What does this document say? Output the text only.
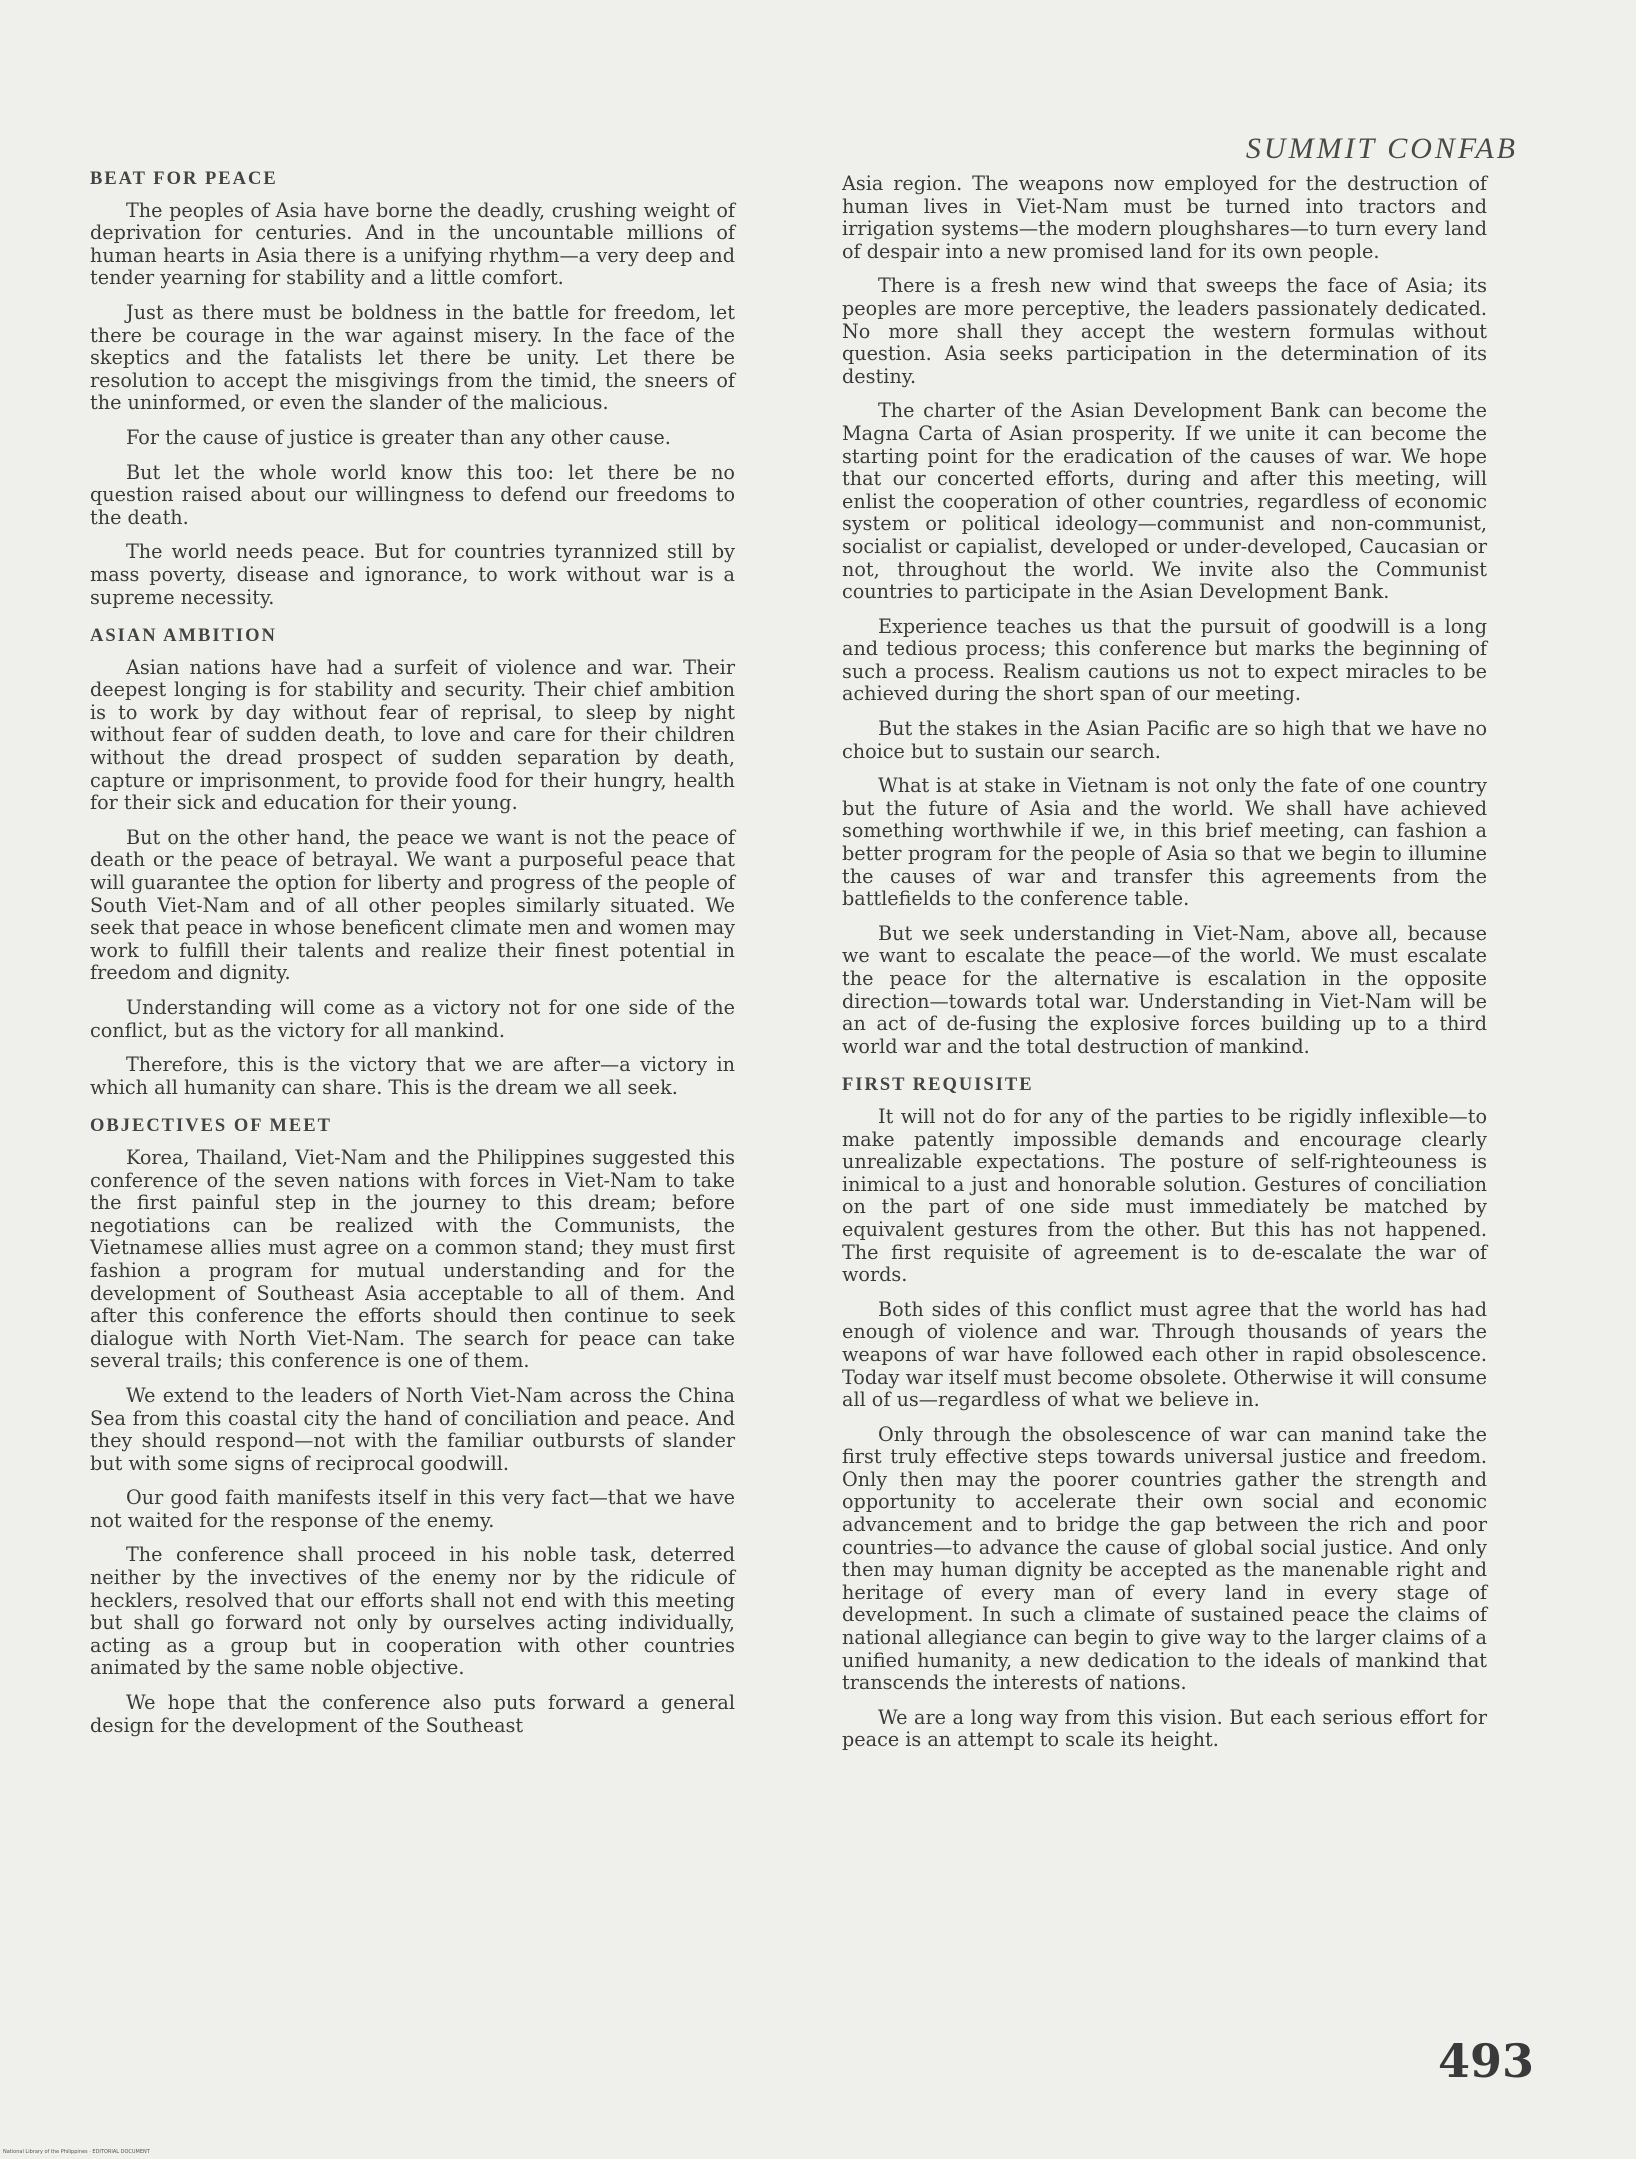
SUMMIT CONFAB
BEAT FOR PEACE

The peoples of Asia have borne the deadly, crushing weight of deprivation for centuries. And in the uncountable millions of human hearts in Asia there is a unifying rhythm—a very deep and tender yearning for stability and a little comfort.

Just as there must be boldness in the battle for freedom, let there be courage in the war against misery. In the face of the skeptics and the fatalists let there be unity. Let there be resolution to accept the misgivings from the timid, the sneers of the uninformed, or even the slander of the malicious.

For the cause of justice is greater than any other cause.

But let the whole world know this too: let there be no question raised about our willingness to defend our freedoms to the death.

The world needs peace. But for countries tyrannized still by mass poverty, disease and ignorance, to work without war is a supreme necessity.

ASIAN AMBITION

Asian nations have had a surfeit of violence and war. Their deepest longing is for stability and security. Their chief ambition is to work by day without fear of reprisal, to sleep by night without fear of sudden death, to love and care for their children without the dread prospect of sudden separation by death, capture or imprisonment, to provide food for their hungry, health for their sick and education for their young.

But on the other hand, the peace we want is not the peace of death or the peace of betrayal. We want a purposeful peace that will guarantee the option for liberty and progress of the people of South Viet-Nam and of all other peoples similarly situated. We seek that peace in whose beneficent climate men and women may work to fulfill their talents and realize their finest potential in freedom and dignity.

Understanding will come as a victory not for one side of the conflict, but as the victory for all mankind.

Therefore, this is the victory that we are after—a victory in which all humanity can share. This is the dream we all seek.

OBJECTIVES OF MEET

Korea, Thailand, Viet-Nam and the Philippines suggested this conference of the seven nations with forces in Viet-Nam to take the first painful step in the journey to this dream; before negotiations can be realized with the Communists, the Vietnamese allies must agree on a common stand; they must first fashion a program for mutual understanding and for the development of Southeast Asia acceptable to all of them. And after this conference the efforts should then continue to seek dialogue with North Viet-Nam. The search for peace can take several trails; this conference is one of them.

We extend to the leaders of North Viet-Nam across the China Sea from this coastal city the hand of conciliation and peace. And they should respond—not with the familiar outbursts of slander but with some signs of reciprocal goodwill.

Our good faith manifests itself in this very fact—that we have not waited for the response of the enemy.

The conference shall proceed in his noble task, deterred neither by the invectives of the enemy nor by the ridicule of hecklers, resolved that our efforts shall not end with this meeting but shall go forward not only by ourselves acting individually, acting as a group but in cooperation with other countries animated by the same noble objective.

We hope that the conference also puts forward a general design for the development of the Southeast

Asia region. The weapons now employed for the destruction of human lives in Viet-Nam must be turned into tractors and irrigation systems—the modern ploughshares—to turn every land of despair into a new promised land for its own people.

There is a fresh new wind that sweeps the face of Asia; its peoples are more perceptive, the leaders passionately dedicated. No more shall they accept the western formulas without question. Asia seeks participation in the determination of its destiny.

The charter of the Asian Development Bank can become the Magna Carta of Asian prosperity. If we unite it can become the starting point for the eradication of the causes of war. We hope that our concerted efforts, during and after this meeting, will enlist the cooperation of other countries, regardless of economic system or political ideology—communist and non-communist, socialist or capialist, developed or under-developed, Caucasian or not, throughout the world. We invite also the Communist countries to participate in the Asian Development Bank.

Experience teaches us that the pursuit of goodwill is a long and tedious process; this conference but marks the beginning of such a process. Realism cautions us not to expect miracles to be achieved during the short span of our meeting.

But the stakes in the Asian Pacific are so high that we have no choice but to sustain our search.

What is at stake in Vietnam is not only the fate of one country but the future of Asia and the world. We shall have achieved something worthwhile if we, in this brief meeting, can fashion a better program for the people of Asia so that we begin to illumine the causes of war and transfer this agreements from the battlefields to the conference table.

But we seek understanding in Viet-Nam, above all, because we want to escalate the peace—of the world. We must escalate the peace for the alternative is escalation in the opposite direction—towards total war. Understanding in Viet-Nam will be an act of de-fusing the explosive forces building up to a third world war and the total destruction of mankind.

FIRST REQUISITE

It will not do for any of the parties to be rigidly inflexible—to make patently impossible demands and encourage clearly unrealizable expectations. The posture of self-righteouness is inimical to a just and honorable solution. Gestures of conciliation on the part of one side must immediately be matched by equivalent gestures from the other. But this has not happened. The first requisite of agreement is to de-escalate the war of words.

Both sides of this conflict must agree that the world has had enough of violence and war. Through thousands of years the weapons of war have followed each other in rapid obsolescence. Today war itself must become obsolete. Otherwise it will consume all of us—regardless of what we believe in.

Only through the obsolescence of war can manind take the first truly effective steps towards universal justice and freedom. Only then may the poorer countries gather the strength and opportunity to accelerate their own social and economic advancement and to bridge the gap between the rich and poor countries—to advance the cause of global social justice. And only then may human dignity be accepted as the manenable right and heritage of every man of every land in every stage of development. In such a climate of sustained peace the claims of national allegiance can begin to give way to the larger claims of a unified humanity, a new dedication to the ideals of mankind that transcends the interests of nations.

We are a long way from this vision. But each serious effort for peace is an attempt to scale its height.

493
National Library of the Philippines · EDITORIAL DOCUMENT
